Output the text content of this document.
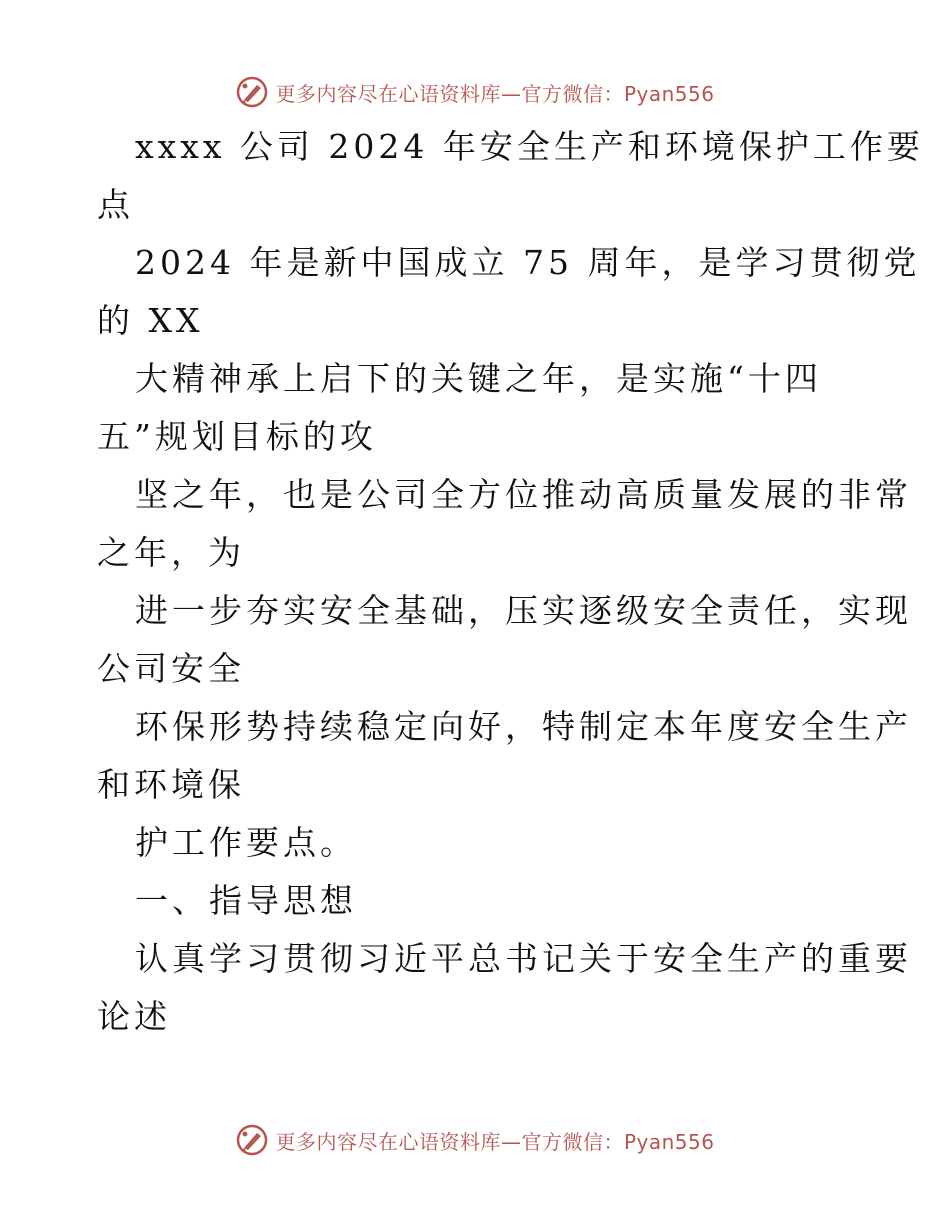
更多内容尽在心语资料库—官方微信：Pyan556

xxxx 公司 2024 年安全生产和环境保护工作要

点

2024 年是新中国成立 75 周年，是学习贯彻党

的 XX

大精神承上启下的关键之年，是实施“十四

五”规划目标的攻

坚之年，也是公司全方位推动高质量发展的非常

之年，为

进一步夯实安全基础，压实逐级安全责任，实现

公司安全

环保形势持续稳定向好，特制定本年度安全生产

和环境保

护工作要点。

一、指导思想

认真学习贯彻习近平总书记关于安全生产的重要

论述

更多内容尽在心语资料库—官方微信：Pyan556
